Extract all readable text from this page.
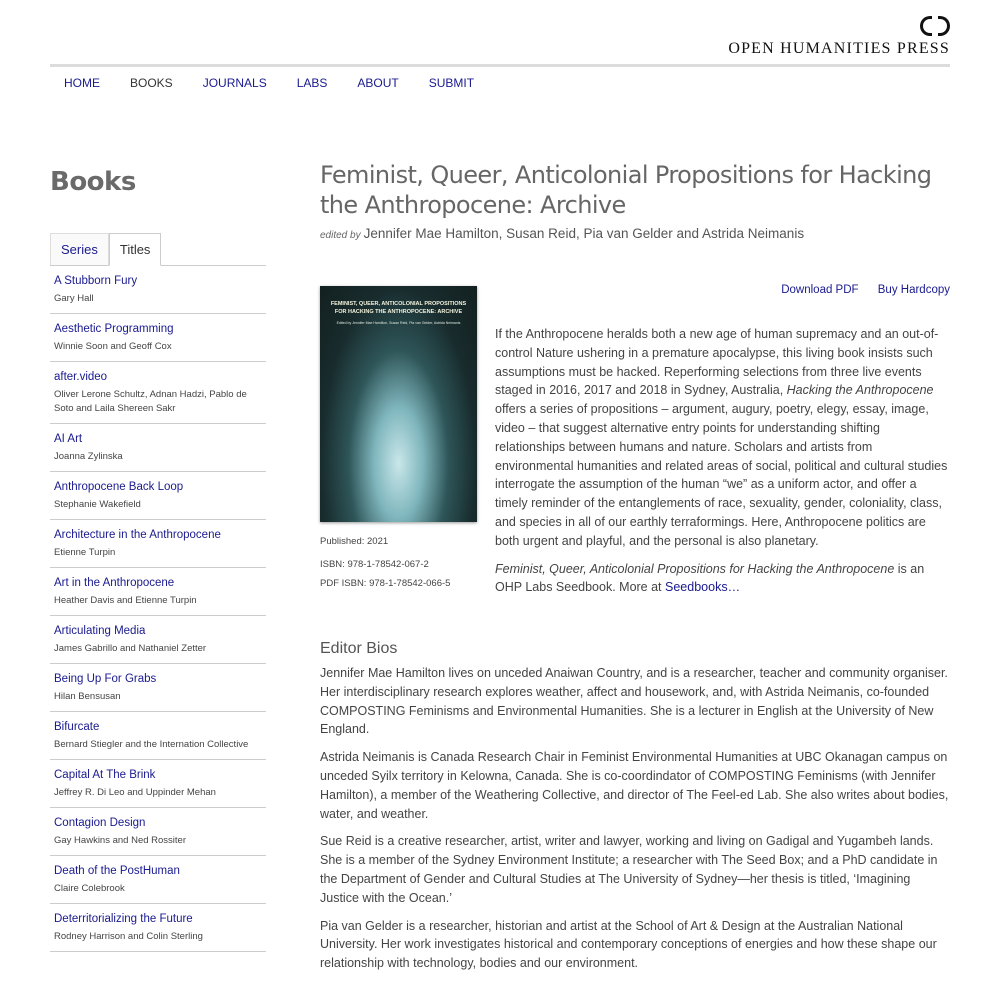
OPEN HUMANITIES PRESS
HOME	BOOKS	JOURNALS	LABS	ABOUT	SUBMIT
Books
Series	Titles
A Stubborn Fury
Gary Hall
Aesthetic Programming
Winnie Soon and Geoff Cox
after.video
Oliver Lerone Schultz, Adnan Hadzi, Pablo de Soto and Laila Shereen Sakr
AI Art
Joanna Zylinska
Anthropocene Back Loop
Stephanie Wakefield
Architecture in the Anthropocene
Etienne Turpin
Art in the Anthropocene
Heather Davis and Etienne Turpin
Articulating Media
James Gabrillo and Nathaniel Zetter
Being Up For Grabs
Hilan Bensusan
Bifurcate
Bernard Stiegler and the Internation Collective
Capital At The Brink
Jeffrey R. Di Leo and Uppinder Mehan
Contagion Design
Gay Hawkins and Ned Rossiter
Death of the PostHuman
Claire Colebrook
Deterritorializing the Future
Rodney Harrison and Colin Sterling
Feminist, Queer, Anticolonial Propositions for Hacking the Anthropocene: Archive
edited by Jennifer Mae Hamilton, Susan Reid, Pia van Gelder and Astrida Neimanis
Download PDF Buy Hardcopy
FEMINIST, QUEER, ANTICOLONIAL PROPOSITIONS FOR HACKING THE ANTHROPOCENE: ARCHIVE
Edited by Jennifer Mae Hamilton, Susan Reid, Pia van Gelder, Astrida Neimanis
Published: 2021
ISBN: 978-1-78542-067-2
PDF ISBN: 978-1-78542-066-5

If the Anthropocene heralds both a new age of human supremacy and an out-of-control Nature ushering in a premature apocalypse, this living book insists such assumptions must be hacked. Reperforming selections from three live events staged in 2016, 2017 and 2018 in Sydney, Australia, Hacking the Anthropocene offers a series of propositions – argument, augury, poetry, elegy, essay, image, video – that suggest alternative entry points for understanding shifting relationships between humans and nature. Scholars and artists from environmental humanities and related areas of social, political and cultural studies interrogate the assumption of the human “we” as a uniform actor, and offer a timely reminder of the entanglements of race, sexuality, gender, coloniality, class, and species in all of our earthly terraformings. Here, Anthropocene politics are both urgent and playful, and the personal is also planetary.

Feminist, Queer, Anticolonial Propositions for Hacking the Anthropocene is an OHP Labs Seedbook. More at Seedbooks…

Editor Bios

Jennifer Mae Hamilton lives on unceded Anaiwan Country, and is a researcher, teacher and community organiser. Her interdisciplinary research explores weather, affect and housework, and, with Astrida Neimanis, co-founded COMPOSTING Feminisms and Environmental Humanities. She is a lecturer in English at the University of New England.

Astrida Neimanis is Canada Research Chair in Feminist Environmental Humanities at UBC Okanagan campus on unceded Syilx territory in Kelowna, Canada. She is co-coordindator of COMPOSTING Feminisms (with Jennifer Hamilton), a member of the Weathering Collective, and director of The Feel-ed Lab. She also writes about bodies, water, and weather.

Sue Reid is a creative researcher, artist, writer and lawyer, working and living on Gadigal and Yugambeh lands. She is a member of the Sydney Environment Institute; a researcher with The Seed Box; and a PhD candidate in the Department of Gender and Cultural Studies at The University of Sydney—her thesis is titled, ‘Imagining Justice with the Ocean.’

Pia van Gelder is a researcher, historian and artist at the School of Art & Design at the Australian National University. Her work investigates historical and contemporary conceptions of energies and how these shape our relationship with technology, bodies and our environment.
